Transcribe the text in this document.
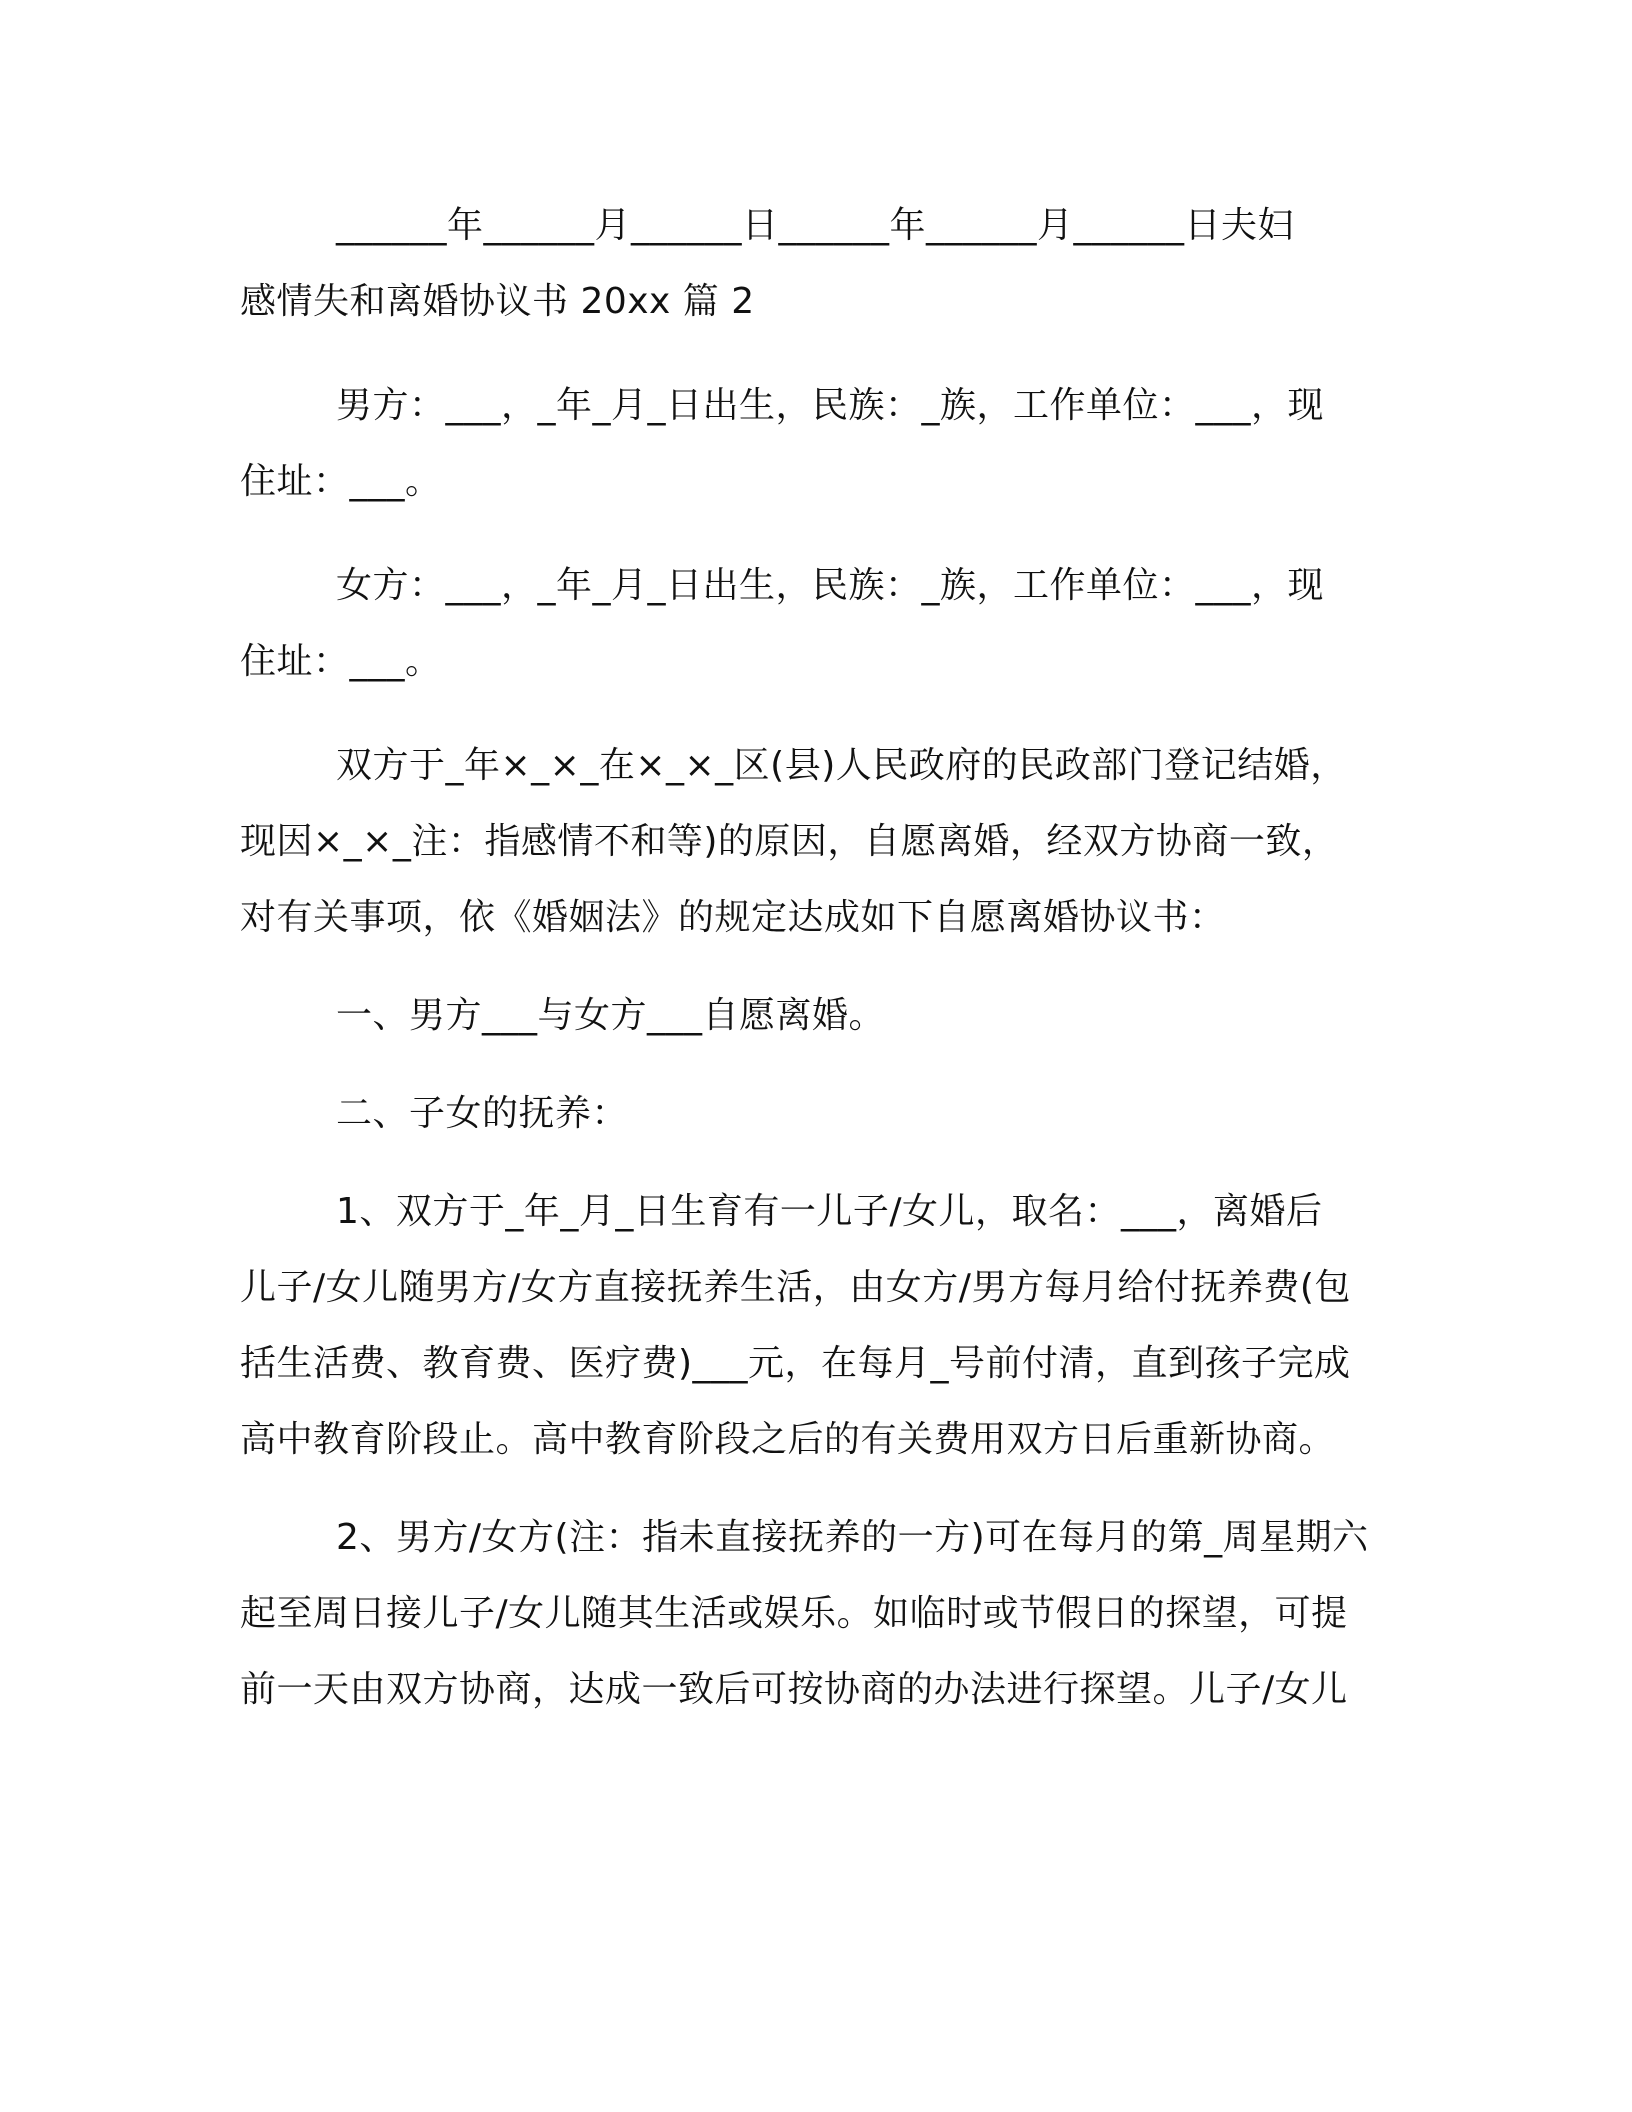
______年______月______日______年______月______日夫妇
感情失和离婚协议书 20xx 篇 2
男方：___，_年_月_日出生，民族：_族，工作单位：___，现
住址：___。
女方：___，_年_月_日出生，民族：_族，工作单位：___，现
住址：___。
双方于_年×_×_在×_×_区(县)人民政府的民政部门登记结婚，
现因×_×_注：指感情不和等)的原因，自愿离婚，经双方协商一致，
对有关事项，依《婚姻法》的规定达成如下自愿离婚协议书：
一、男方___与女方___自愿离婚。
二、子女的抚养：
1、双方于_年_月_日生育有一儿子/女儿，取名：___，离婚后
儿子/女儿随男方/女方直接抚养生活，由女方/男方每月给付抚养费(包
括生活费、教育费、医疗费)___元，在每月_号前付清，直到孩子完成
高中教育阶段止。高中教育阶段之后的有关费用双方日后重新协商。
2、男方/女方(注：指未直接抚养的一方)可在每月的第_周星期六
起至周日接儿子/女儿随其生活或娱乐。如临时或节假日的探望，可提
前一天由双方协商，达成一致后可按协商的办法进行探望。儿子/女儿
